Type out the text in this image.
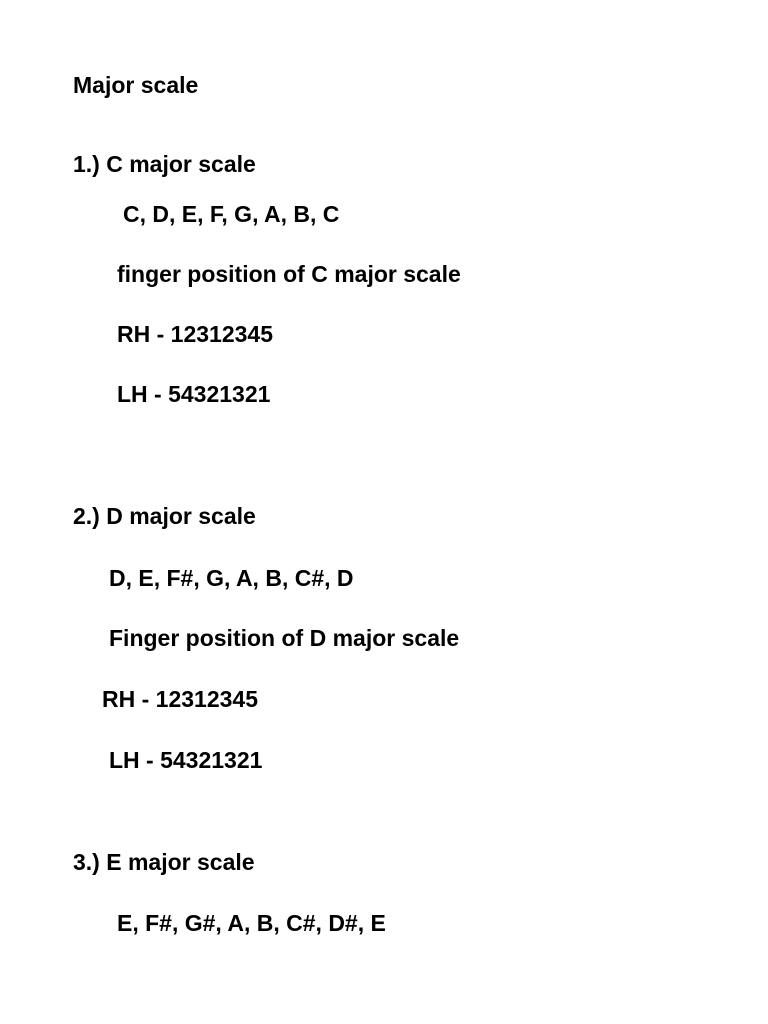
Major scale
1.) C major scale
C, D, E, F, G, A, B, C
finger position of C major scale
RH - 12312345
LH - 54321321
2.) D major scale
D, E, F#, G, A, B, C#, D
Finger position of D major scale
RH - 12312345
LH - 54321321
3.) E major scale
E, F#, G#, A, B, C#, D#, E
